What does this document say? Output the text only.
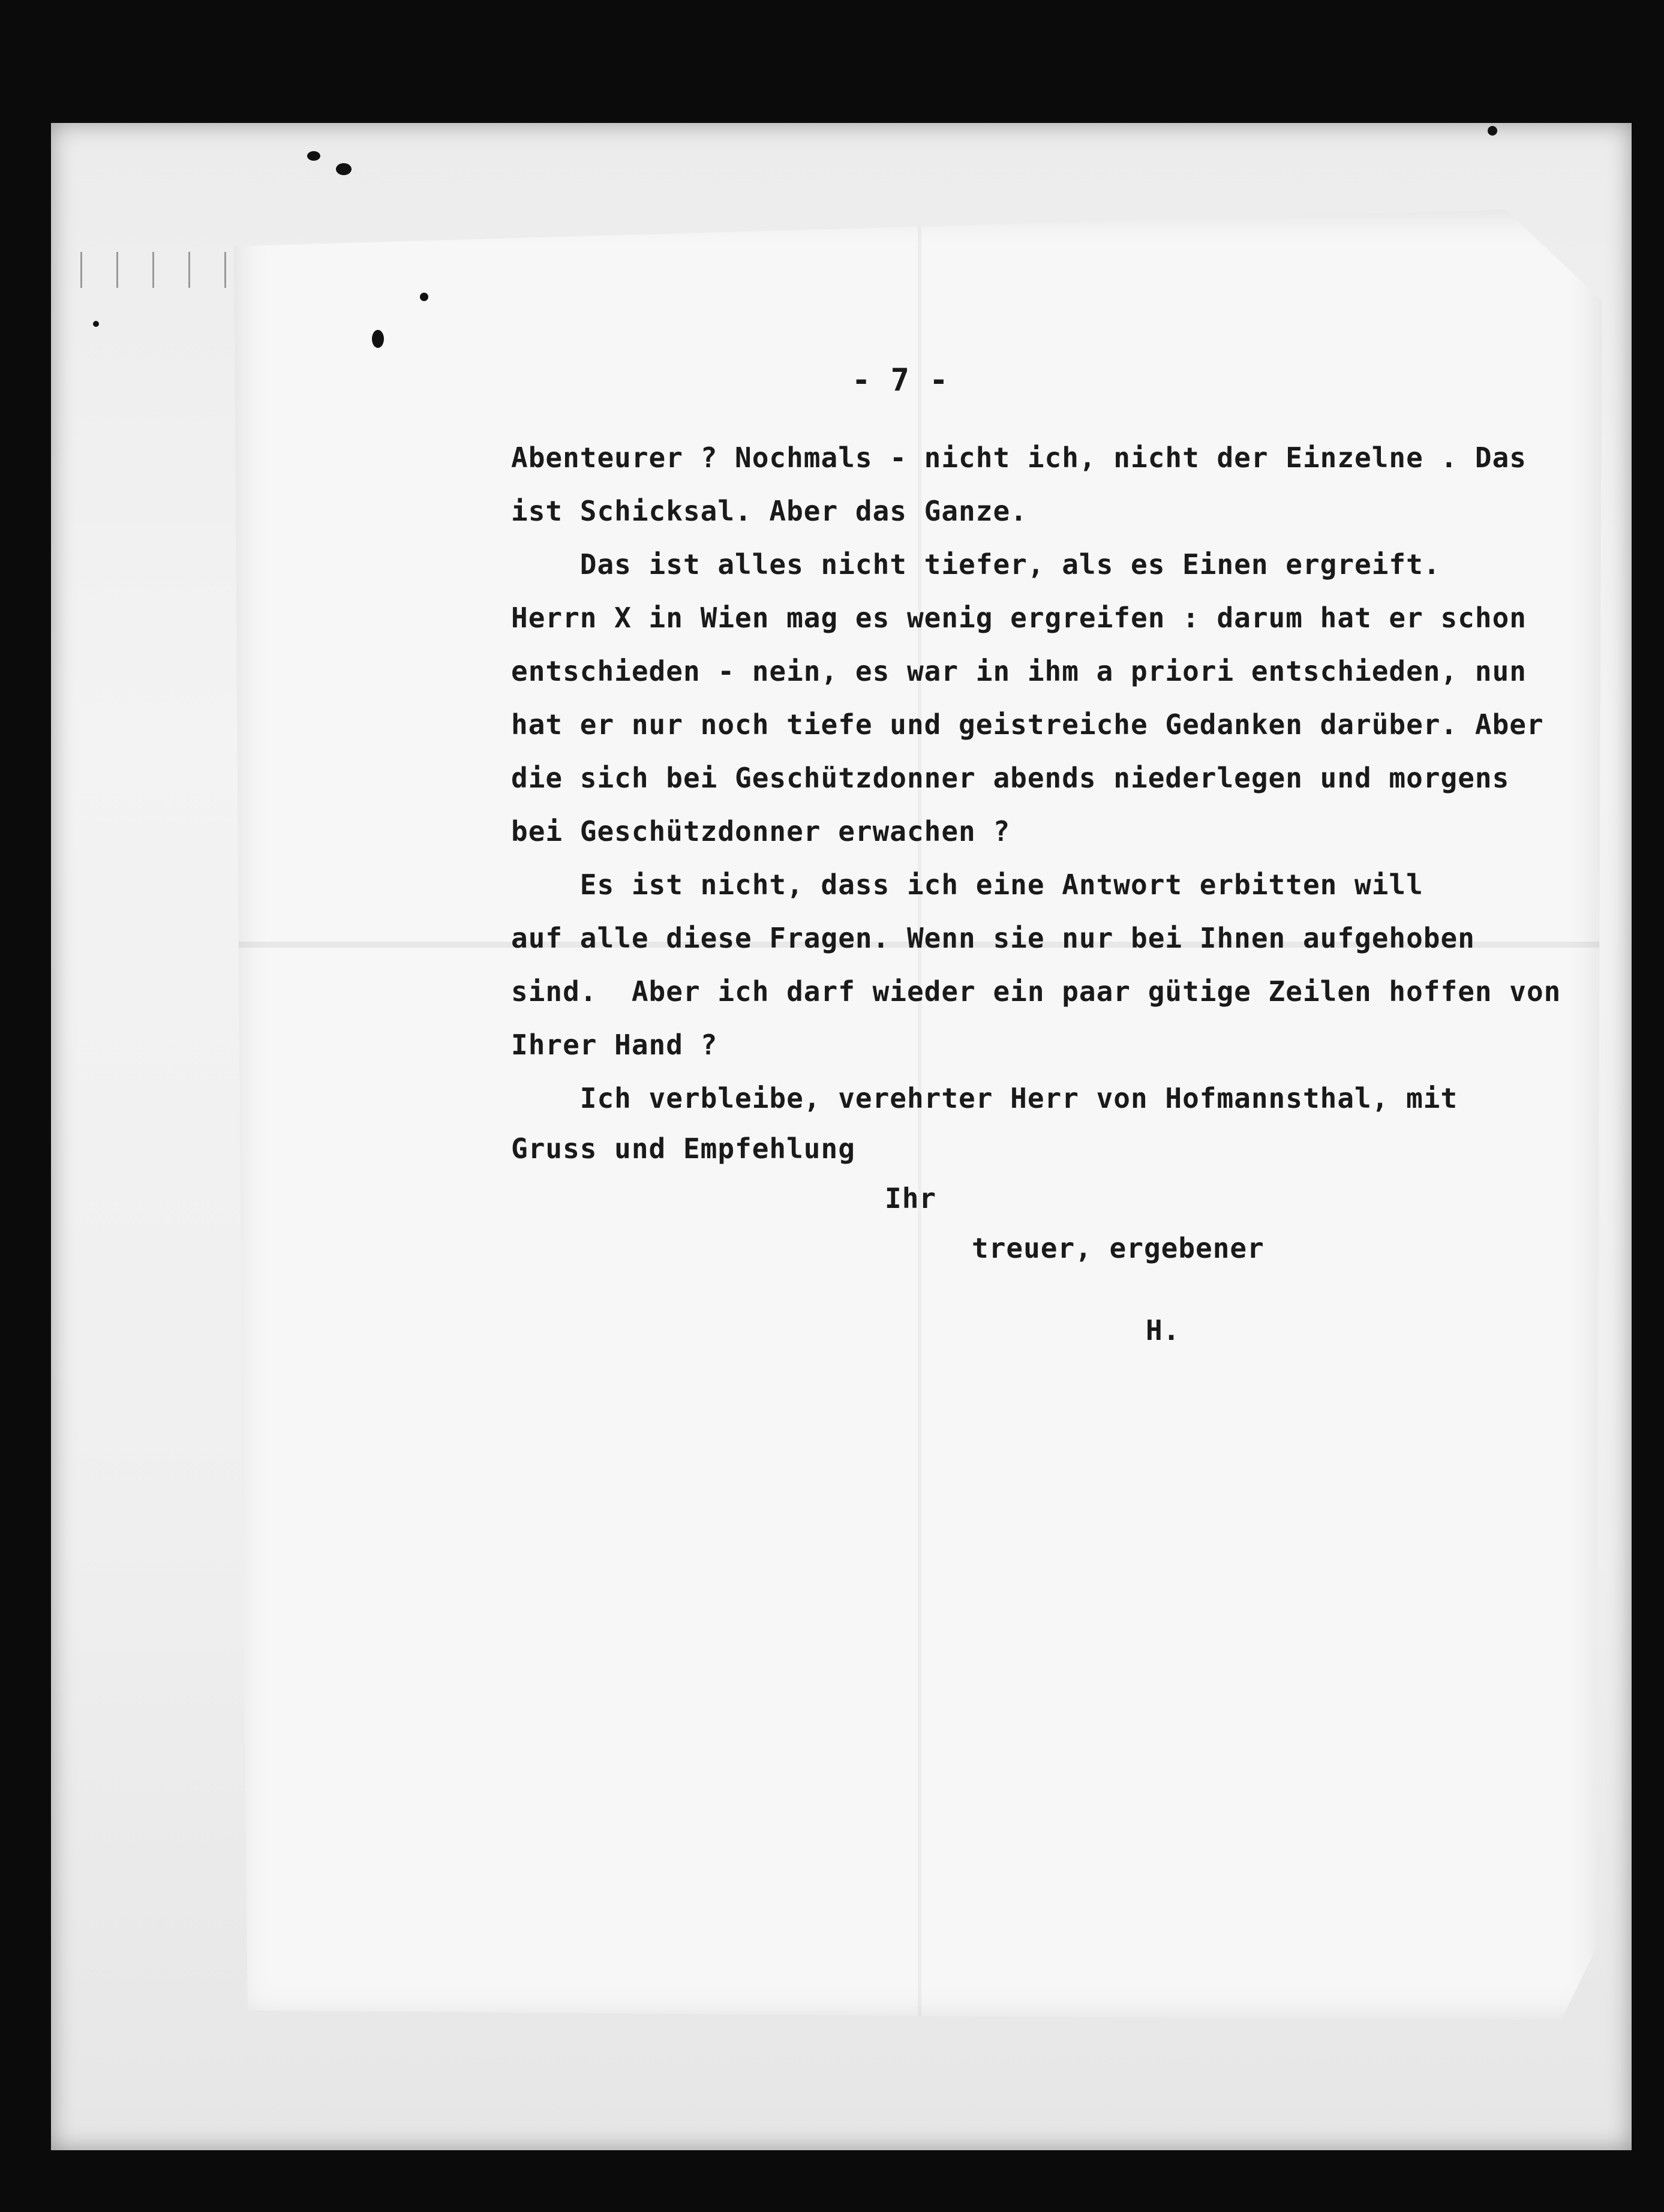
- 7 -
Abenteurer ? Nochmals - nicht ich, nicht der Einzelne . Das
ist Schicksal. Aber das Ganze.
Das ist alles nicht tiefer, als es Einen ergreift.
Herrn X in Wien mag es wenig ergreifen : darum hat er schon
entschieden - nein, es war in ihm a priori entschieden, nun
hat er nur noch tiefe und geistreiche Gedanken darüber. Aber
die sich bei Geschützdonner abends niederlegen und morgens
bei Geschützdonner erwachen ?
Es ist nicht, dass ich eine Antwort erbitten will
auf alle diese Fragen. Wenn sie nur bei Ihnen aufgehoben
sind.  Aber ich darf wieder ein paar gütige Zeilen hoffen von
Ihrer Hand ?
Ich verbleibe, verehrter Herr von Hofmannsthal, mit
Gruss und Empfehlung
Ihr
treuer, ergebener
H.
